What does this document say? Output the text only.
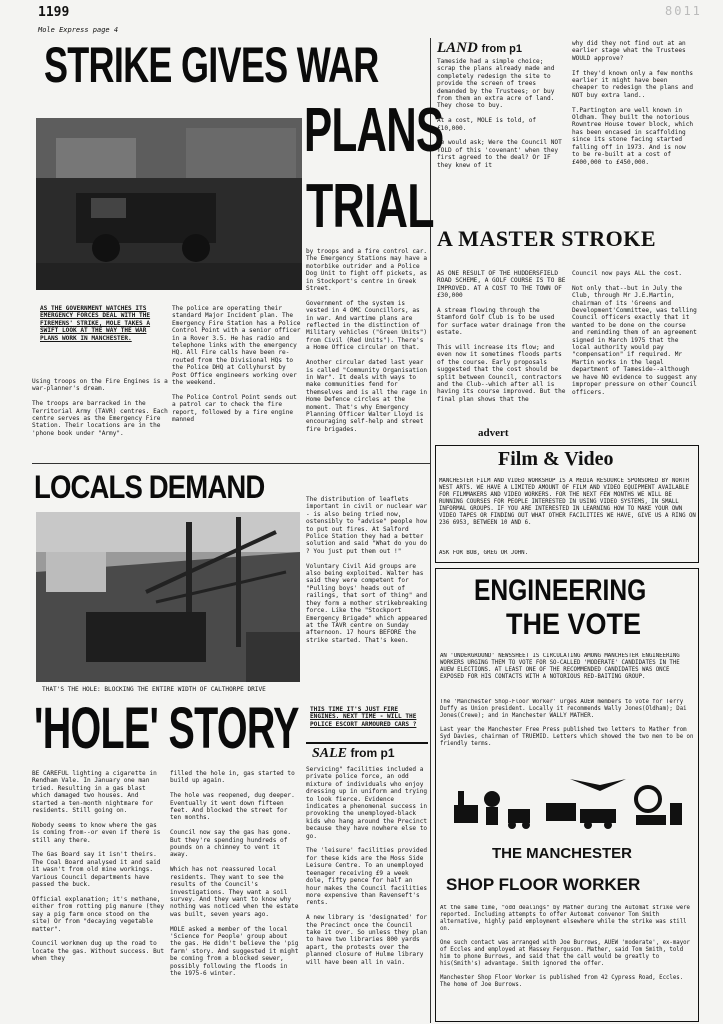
1199
Mole Express page 4
8011
STRIKE GIVES WAR
PLANS
TRIAL
AS THE GOVERNMENT WATCHES ITS EMERGENCY FORCES DEAL WITH THE FIREMENS' STRIKE, MOLE TAKES A SWIFT LOOK AT THE WAY THE WAR PLANS WORK IN MANCHESTER.
Using troops on the Fire Engines is a war-planner's dream.

The troops are barracked in the Territorial Army (TAVR) centres. Each centre serves as the Emergency Fire Station. Their locations are in the 'phone book under "Army".
The police are operating their standard Major Incident plan. The Emergency Fire Station has a Police Control Point with a senior officer in a Rover 3.5. He has radio and telephone links with the emergency HQ. All Fire calls have been re-routed from the Divisional HQs to the Police DHQ at Collyhurst by Post Office engineers working over the weekend.

The Police Control Point sends out a patrol car to check the fire report, followed by a fire engine manned
by troops and a fire control car. The Emergency Stations may have a motorbike outrider and a Police Dog Unit to fight off pickets, as in Stockport's centre in Greek Street.

Government of the system is vested in 4 OMC Councillors, as in war. And wartime plans are reflected in the distinction of Military vehicles ("Green Units") from Civil (Red Units"). There's a Home Office circular on that.

Another circular dated last year is called "Community Organisation in War". It deals with ways to make communities fend for themselves and is all the rage in Home Defence circles at the moment. That's why Emergency Planning Officer Walter Lloyd is encouraging self-help and street fire brigades.
The distribution of leaflets important in civil or nuclear war - is also being tried now, ostensibly to "advise" people how to put out fires. At Salford Police Station they had a better solution and said "What do you do ? You just put them out !"

Voluntary Civil Aid groups are also being exploited. Walter has said they were competent for "Pulling boys' heads out of railings, that sort of thing" and they form a mother strikebreaking force. Like the "Stockport Emergency Brigade" which appeared at the TAVR centre on Sunday afternoon. 17 hours BEFORE the strike started. That's keen.
THIS TIME IT'S JUST FIRE ENGINES. NEXT TIME - WILL THE POLICE ESCORT ARMOURED CARS ?
LAND from p1
Tameside had a simple choice; scrap the plans already made and completely redesign the site to provide the screen of trees demanded by the Trustees; or buy from them an extra acre of land. They chose to buy.

At a cost, MOLE is told, of £10,000.

We would ask; Were the Council NOT TOLD of this 'covenant' when they first agreed to the deal? Or IF they knew of it
why did they not find out at an earlier stage what the Trustees WOULD approve?

If they'd known only a few months earlier it might have been cheaper to redesign the plans and NOT buy extra land..

T.Partington are well known in Oldham. They built the notorious Rowntree House tower block, which has been encased in scaffolding since its stone facing started falling off in 1973. And is now to be re-built at a cost of £400,000 to £450,000.
A MASTER STROKE
AS ONE RESULT OF THE HUDDERSFIELD ROAD SCHEME, A GOLF COURSE IS TO BE IMPROVED. AT A COST TO THE TOWN OF £30,000
A stream flowing through the Stamford Golf Club is to be used for surface water drainage from the estate.

This will increase its flow; and even now it sometimes floods parts of the course. Early proposals suggested that the cost should be split between Council, contractors and the Club--which after all is having its course improved. But the final plan shows that the
Council now pays ALL the cost.

Not only that--but in July the Club, through Mr J.E.Martin, chairman of its 'Greens and Development'Committee, was telling Council officers exactly that it wanted to be done on the course and reminding them of an agreement signed in March 1975 that the local authority would pay "compensation" if required. Mr Martin works in the legal department of Tameside--although we have NO evidence to suggest any improper pressure on other Council officers.
advert
Film & Video
MANCHESTER FILM AND VIDEO WORKSHOP IS A MEDIA RESOURCE SPONSORED BY NORTH WEST ARTS. WE HAVE A LIMITED AMOUNT OF FILM AND VIDEO EQUIPMENT AVAILABLE FOR FILMMAKERS AND VIDEO WORKERS. FOR THE NEXT FEW MONTHS WE WILL BE RUNNING COURSES FOR PEOPLE INTERESTED IN USING VIDEO SYSTEMS, IN SMALL INFORMAL GROUPS. IF YOU ARE INTERESTED IN LEARNING HOW TO MAKE YOUR OWN VIDEO TAPES OR FINDING OUT WHAT OTHER FACILITIES WE HAVE, GIVE US A RING ON 236 6953, BETWEEN 10 AND 6.
ASK FOR BOB, GREG OR JOHN.
LOCALS DEMAND
THAT'S THE HOLE: BLOCKING THE ENTIRE WIDTH OF CALTHORPE DRIVE
'HOLE' STORY
BE CAREFUL lighting a cigarette in Rendham Vale. In January one man tried. Resulting in a gas blast which damaged two houses. And started a ten-month nightmare for residents. Still going on.

Nobody seems to know where the gas is coming from--or even if there is still any there.

The Gas Board say it isn't theirs. The Coal Board analysed it and said it wasn't from old mine workings. Various Council departments have passed the buck.

Official explanation; it's methane, either from rotting pig manure (they say a pig farm once stood on the site) Or from "decaying vegetable matter".

Council workmen dug up the road to locate the gas. Without success. But when they
filled the hole in, gas started to build up again.

The hole was reopened, dug deeper. Eventually it went down fifteen feet. And blocked the street for ten months.

Council now say the gas has gone. But they're spending hundreds of pounds on a chimney to vent it away.

Which has not reassured local residents. They want to see the results of the Council's investigations. They want a soil survey. And they want to know why nothing was noticed when the estate was built, seven years ago.

MOLE asked a member of the local 'Science for People' group about the gas. He didn't believe the 'pig farm' story. And suggested it might be coming from a blocked sewer, possibly following the floods in the 1975-6 winter.
SALE from p1
Servicing" facilities included a private police force, an odd mixture of individuals who enjoy dressing up in uniform and trying to look fierce. Evidence indicates a phenomenal success in provoking the unemployed-black kids who hang around the Precinct because they have nowhere else to go.

The 'leisure' facilities provided for these kids are the Moss Side Leisure Centre. To an unemployed teenager receiving £9 a week dole, fifty pence for half an hour makes the Council facilities more expensive than Ravenseft's rents.

A new library is 'designated' for the Precinct once the Council take it over. So unless they plan to have two libraries 800 yards apart, the protests over the planned closure of Hulme library will have been all in vain.
ENGINEERING
THE VOTE
AN 'UNDERGROUND' NEWSSHEET IS CIRCULATING AMONG MANCHESTER ENGINEERING WORKERS URGING THEM TO VOTE FOR SO-CALLED 'MODERATE' CANDIDATES IN THE AUEW ELECTIONS. AT LEAST ONE OF THE RECOMMENDED CANDIDATES WAS ONCE EXPOSED FOR HIS CONTACTS WITH A NOTORIOUS RED-BAITING GROUP.
The 'Manchester Shop-Floor Worker' urges AUEW members to vote for Terry Duffy as Union president. Locally it recommends Wally Jones(Oldham); Dai Jones(Crewe); and in Manchester WALLY MATHER.

Last year the Manchester Free Press published two letters to Mather from Syd Davies, chairman of TRUEMID. Letters which showed the two men to be on friendly terms.
THE MANCHESTER
SHOP FLOOR WORKER
At the same time, "odd dealings" by Mather during the Automat strike were reported. Including attempts to offer Automat convenor Tom Smith alternative, highly paid employment elsewhere while the strike was still on.

One such contact was arranged with Joe Burrows, AUEW 'moderate', ex-mayor of Eccles and employed at Massey Ferguson. Mather, said Tom Smith, told him to phone Burrows, and said that the call would be greatly to his(Smith's) advantage. Smith ignored the offer.

Manchester Shop Floor Worker is published from 42 Cypress Road, Eccles. The home of Joe Burrows.
